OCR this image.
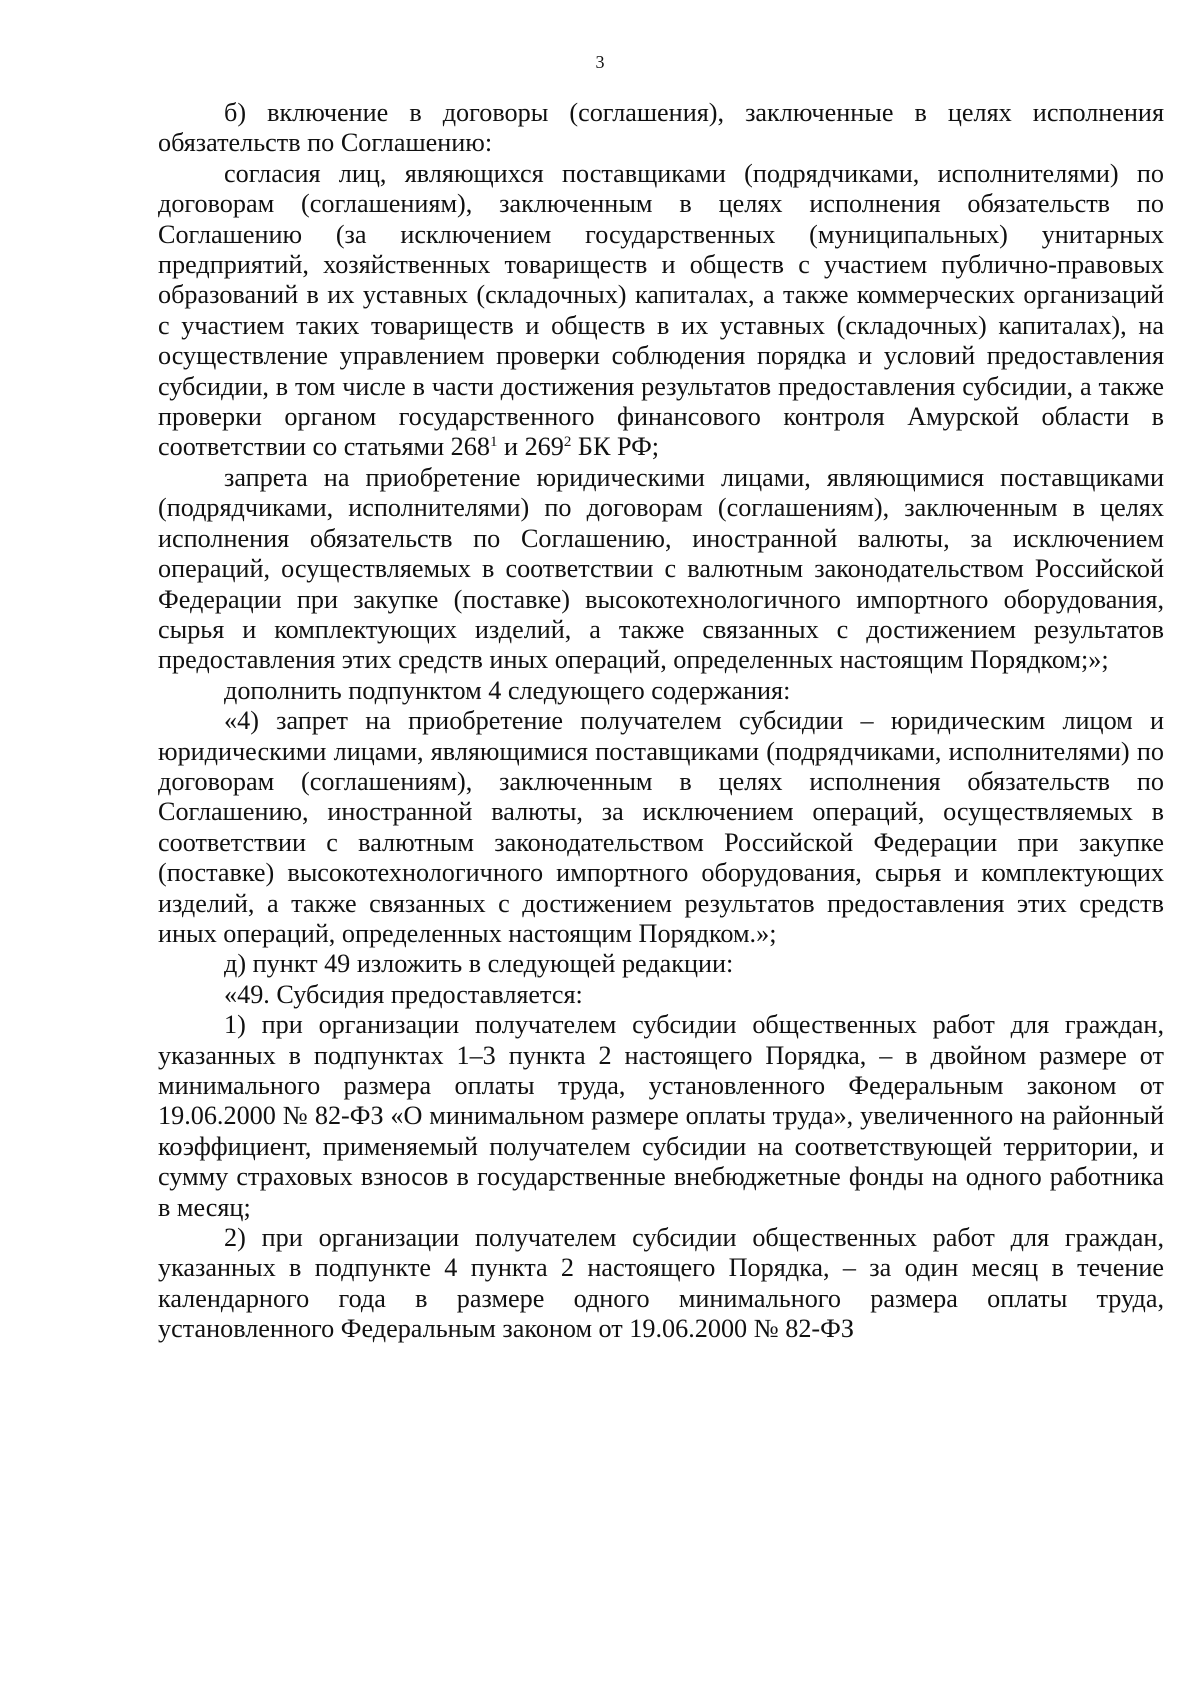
3

б) включение в договоры (соглашения), заключенные в целях исполнения обязательств по Соглашению:

согласия лиц, являющихся поставщиками (подрядчиками, исполнителями) по договорам (соглашениям), заключенным в целях исполнения обязательств по Соглашению (за исключением государственных (муниципальных) унитарных предприятий, хозяйственных товариществ и обществ с участием публично-правовых образований в их уставных (складочных) капиталах, а также коммерческих организаций с участием таких товариществ и обществ в их уставных (складочных) капиталах), на осуществление управлением проверки соблюдения порядка и условий предоставления субсидии, в том числе в части достижения результатов предоставления субсидии, а также проверки органом государственного финансового контроля Амурской области в соответствии со статьями $268^1$ и $269^2$ БК РФ;

запрета на приобретение юридическими лицами, являющимися поставщиками (подрядчиками, исполнителями) по договорам (соглашениям), заключенным в целях исполнения обязательств по Соглашению, иностранной валюты, за исключением операций, осуществляемых в соответствии с валютным законодательством Российской Федерации при закупке (поставке) высокотехнологичного импортного оборудования, сырья и комплектующих изделий, а также связанных с достижением результатов предоставления этих средств иных операций, определенных настоящим Порядком;»;

дополнить подпунктом 4 следующего содержания:

«4) запрет на приобретение получателем субсидии – юридическим лицом и юридическими лицами, являющимися поставщиками (подрядчиками, исполнителями) по договорам (соглашениям), заключенным в целях исполнения обязательств по Соглашению, иностранной валюты, за исключением операций, осуществляемых в соответствии с валютным законодательством Российской Федерации при закупке (поставке) высокотехнологичного импортного оборудования, сырья и комплектующих изделий, а также связанных с достижением результатов предоставления этих средств иных операций, определенных настоящим Порядком.»;

д) пункт 49 изложить в следующей редакции:

«49. Субсидия предоставляется:

1) при организации получателем субсидии общественных работ для граждан, указанных в подпунктах 1–3 пункта 2 настоящего Порядка, – в двойном размере от минимального размера оплаты труда, установленного Федеральным законом от 19.06.2000 № 82-ФЗ «О минимальном размере оплаты труда», увеличенного на районный коэффициент, применяемый получателем субсидии на соответствующей территории, и сумму страховых взносов в государственные внебюджетные фонды на одного работника в месяц;

2) при организации получателем субсидии общественных работ для граждан, указанных в подпункте 4 пункта 2 настоящего Порядка, – за один месяц в течение календарного года в размере одного минимального размера оплаты труда, установленного Федеральным законом от 19.06.2000 № 82-ФЗ
